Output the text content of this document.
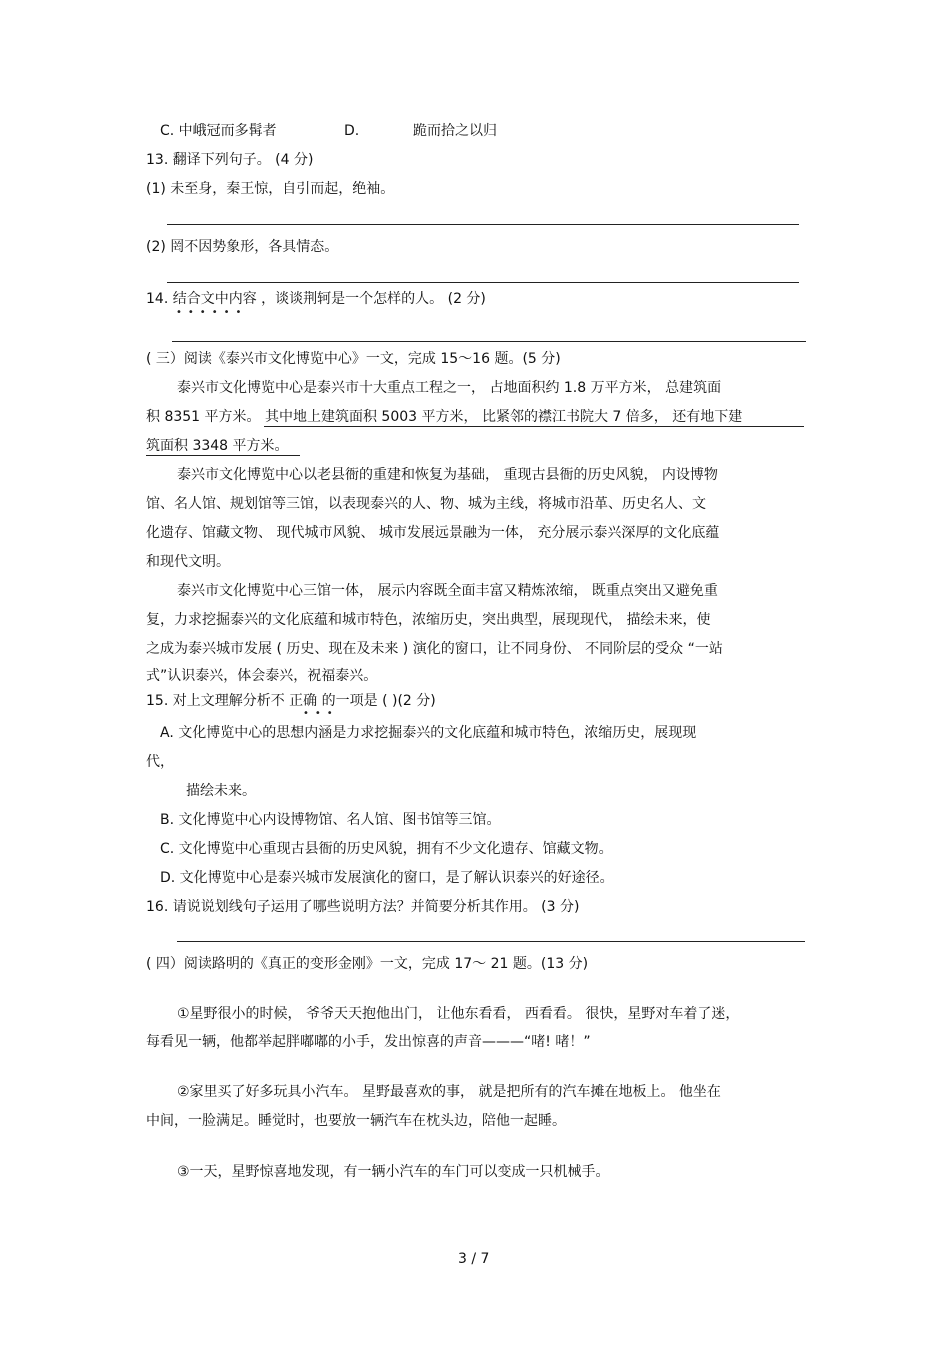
C. 中峨冠而多髯者	D.	跪而拾之以归
13. 翻译下列句子。 (4 分)
(1) 未至身，秦王惊，自引而起，绝袖。
(2) 罔不因势象形，各具情态。
14. 结合文中内容 ，谈谈荆轲是一个怎样的人。 (2 分)
••••••
( 三）阅读《泰兴市文化博览中心》一文，完成 15～16 题。(5 分)
泰兴市文化博览中心是泰兴市十大重点工程之一， 占地面积约 1.8 万平方米， 总建筑面
积 8351 平方米。 其中地上建筑面积 5003 平方米， 比紧邻的襟江书院大 7 倍多， 还有地下建
筑面积 3348 平方米。
泰兴市文化博览中心以老县衙的重建和恢复为基础， 重现古县衙的历史风貌， 内设博物
馆、名人馆、规划馆等三馆，以表现泰兴的人、物、城为主线，将城市沿革、历史名人、文
化遗存、馆藏文物、 现代城市风貌、 城市发展远景融为一体， 充分展示泰兴深厚的文化底蕴
和现代文明。
泰兴市文化博览中心三馆一体， 展示内容既全面丰富又精炼浓缩， 既重点突出又避免重
复，力求挖掘泰兴的文化底蕴和城市特色，浓缩历史，突出典型，展现现代， 描绘未来，使
之成为泰兴城市发展 ( 历史、现在及未来 ) 演化的窗口，让不同身份、 不同阶层的受众 “一站
式”认识泰兴，体会泰兴，祝福泰兴。
15. 对上文理解分析不 正确 的一项是 ( )(2 分)
•••
A. 文化博览中心的思想内涵是力求挖掘泰兴的文化底蕴和城市特色，浓缩历史，展现现
代，
描绘未来。
B. 文化博览中心内设博物馆、名人馆、图书馆等三馆。
C. 文化博览中心重现古县衙的历史风貌，拥有不少文化遗存、馆藏文物。
D. 文化博览中心是泰兴城市发展演化的窗口，是了解认识泰兴的好途径。
16. 请说说划线句子运用了哪些说明方法？并简要分析其作用。 (3 分)
( 四）阅读路明的《真正的变形金刚》一文，完成 17～ 21 题。(13 分)
①星野很小的时候， 爷爷天天抱他出门， 让他东看看， 西看看。 很快，星野对车着了迷，
每看见一辆，他都举起胖嘟嘟的小手，发出惊喜的声音———“啫! 啫！”
②家里买了好多玩具小汽车。 星野最喜欢的事， 就是把所有的汽车摊在地板上。 他坐在
中间，一脸满足。睡觉时，也要放一辆汽车在枕头边，陪他一起睡。
③一天，星野惊喜地发现，有一辆小汽车的车门可以变成一只机械手。
3 / 7
